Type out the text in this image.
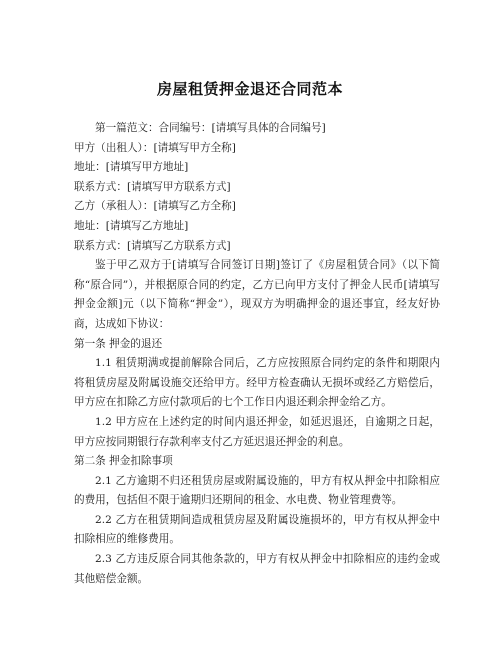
房屋租赁押金退还合同范本

第一篇范文：合同编号：[请填写具体的合同编号]

甲方（出租人）：[请填写甲方全称]

地址：[请填写甲方地址]

联系方式：[请填写甲方联系方式]

乙方（承租人）：[请填写乙方全称]

地址：[请填写乙方地址]

联系方式：[请填写乙方联系方式]

鉴于甲乙双方于[请填写合同签订日期]签订了《房屋租赁合同》（以下简称“原合同”），并根据原合同的约定，乙方已向甲方支付了押金人民币[请填写押金金额]元（以下简称“押金”），现双方为明确押金的退还事宜，经友好协商，达成如下协议：

第一条 押金的退还

1.1 租赁期满或提前解除合同后，乙方应按照原合同约定的条件和期限内将租赁房屋及附属设施交还给甲方。经甲方检查确认无损坏或经乙方赔偿后，甲方应在扣除乙方应付款项后的七个工作日内退还剩余押金给乙方。

1.2 甲方应在上述约定的时间内退还押金，如延迟退还，自逾期之日起，甲方应按同期银行存款利率支付乙方延迟退还押金的利息。

第二条 押金扣除事项

2.1 乙方逾期不归还租赁房屋或附属设施的，甲方有权从押金中扣除相应的费用，包括但不限于逾期归还期间的租金、水电费、物业管理费等。

2.2 乙方在租赁期间造成租赁房屋及附属设施损坏的，甲方有权从押金中扣除相应的维修费用。

2.3 乙方违反原合同其他条款的，甲方有权从押金中扣除相应的违约金或其他赔偿金额。
